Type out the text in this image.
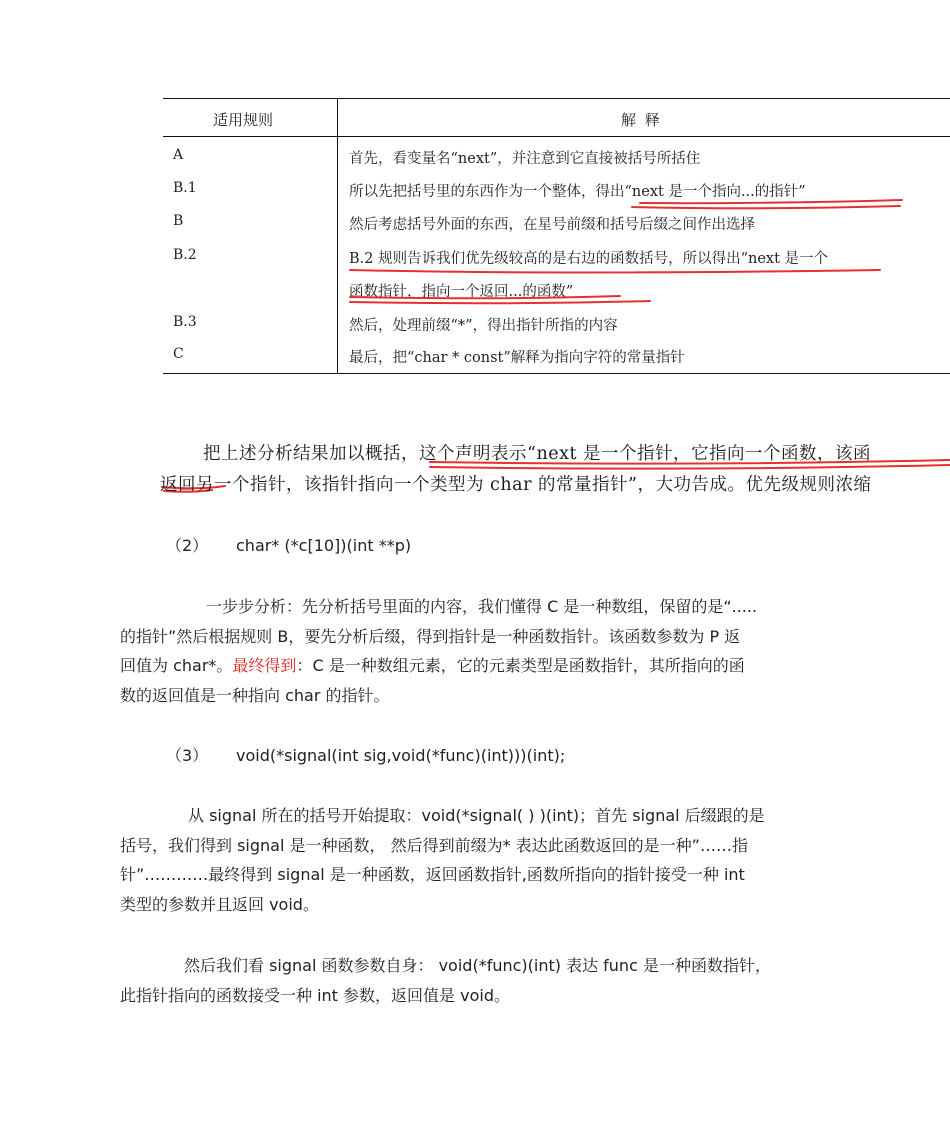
适用规则	解 释
A	首先，看变量名“next”，并注意到它直接被括号所括住
B.1	所以先把括号里的东西作为一个整体，得出“next 是一个指向...的指针”
B	然后考虑括号外面的东西，在星号前缀和括号后缀之间作出选择
B.2	B.2 规则告诉我们优先级较高的是右边的函数括号，所以得出“next 是一个
函数指针，指向一个返回...的函数”
B.3	然后，处理前缀“*”，得出指针所指的内容
C	最后，把“char * const”解释为指向字符的常量指针
把上述分析结果加以概括，这个声明表示“next 是一个指针，它指向一个函数，该函
返回另一个指针，该指针指向一个类型为 char 的常量指针”，大功告成。优先级规则浓缩
（2） char* (*c[10])(int **p)
一步步分析：先分析括号里面的内容，我们懂得 C 是一种数组，保留的是“.....
的指针”然后根据规则 B，要先分析后缀，得到指针是一种函数指针。该函数参数为 P 返
回值为 char*。最终得到：C 是一种数组元素，它的元素类型是函数指针，其所指向的函
数的返回值是一种指向 char 的指针。
（3） void(*signal(int sig,void(*func)(int)))(int);
从 signal 所在的括号开始提取：void(*signal( ) )(int)；首先 signal 后缀跟的是
括号，我们得到 signal 是一种函数， 然后得到前缀为* 表达此函数返回的是一种”……指
针”…………最终得到 signal 是一种函数，返回函数指针,函数所指向的指针接受一种 int
类型的参数并且返回 void。
然后我们看 signal 函数参数自身： void(*func)(int) 表达 func 是一种函数指针，
此指针指向的函数接受一种 int 参数，返回值是 void。
